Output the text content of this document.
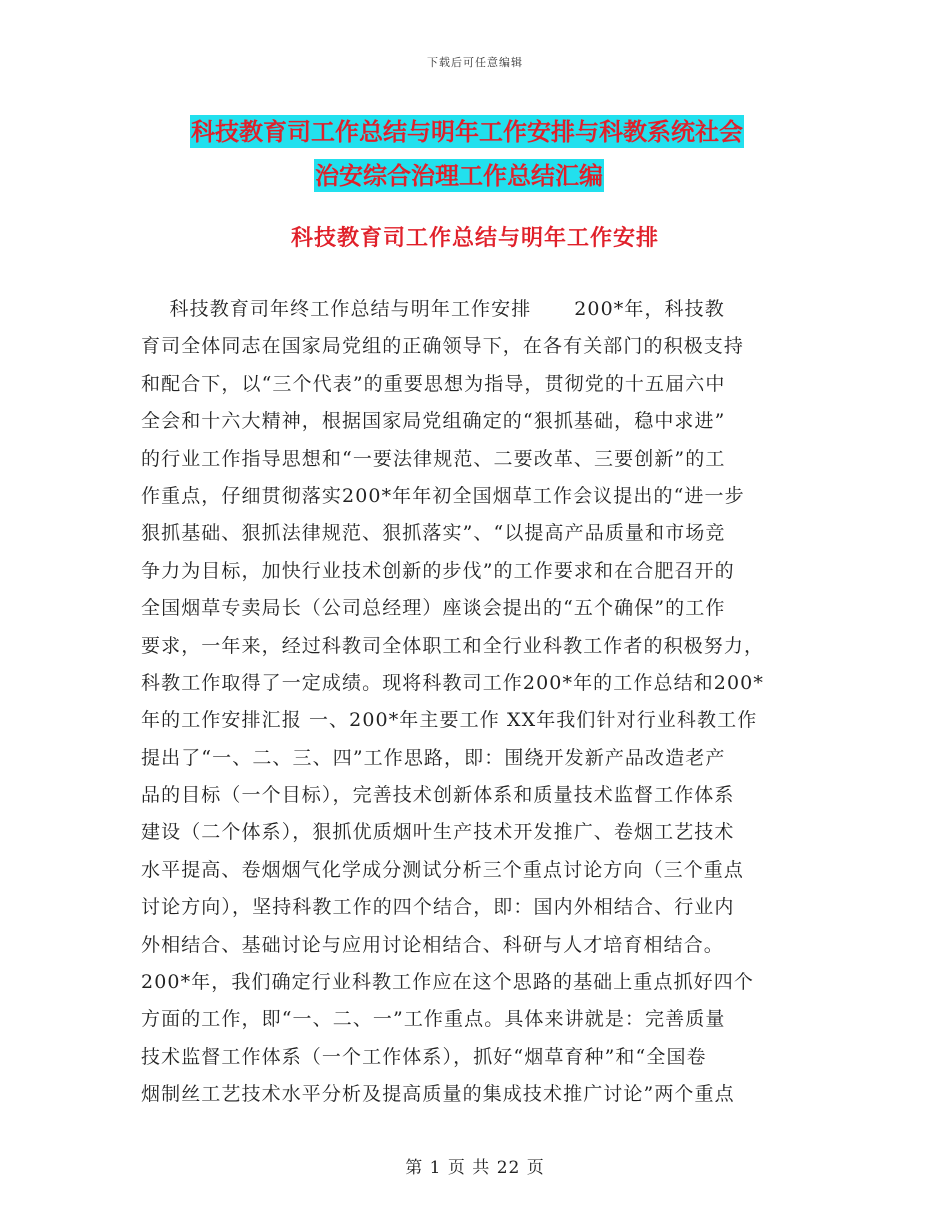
下载后可任意编辑
科技教育司工作总结与明年工作安排与科教系统社会
治安综合治理工作总结汇编
科技教育司工作总结与明年工作安排
科技教育司年终工作总结与明年工作安排      200*年，科技教
育司全体同志在国家局党组的正确领导下，在各有关部门的积极支持
和配合下，以“三个代表”的重要思想为指导，贯彻党的十五届六中
全会和十六大精神，根据国家局党组确定的“狠抓基础，稳中求进”
的行业工作指导思想和“一要法律规范、二要改革、三要创新”的工
作重点，仔细贯彻落实200*年年初全国烟草工作会议提出的“进一步
狠抓基础、狠抓法律规范、狠抓落实”、“以提高产品质量和市场竞
争力为目标，加快行业技术创新的步伐”的工作要求和在合肥召开的
全国烟草专卖局长（公司总经理）座谈会提出的“五个确保”的工作
要求，一年来，经过科教司全体职工和全行业科教工作者的积极努力，
科教工作取得了一定成绩。现将科教司工作200*年的工作总结和200*
年的工作安排汇报 一、200*年主要工作 XX年我们针对行业科教工作
提出了“一、二、三、四”工作思路，即：围绕开发新产品改造老产
品的目标（一个目标），完善技术创新体系和质量技术监督工作体系
建设（二个体系），狠抓优质烟叶生产技术开发推广、卷烟工艺技术
水平提高、卷烟烟气化学成分测试分析三个重点讨论方向（三个重点
讨论方向），坚持科教工作的四个结合，即：国内外相结合、行业内
外相结合、基础讨论与应用讨论相结合、科研与人才培育相结合。
200*年，我们确定行业科教工作应在这个思路的基础上重点抓好四个
方面的工作，即“一、二、一”工作重点。具体来讲就是：完善质量
技术监督工作体系（一个工作体系），抓好“烟草育种”和“全国卷
烟制丝工艺技术水平分析及提高质量的集成技术推广讨论”两个重点
第 1 页 共 22 页
